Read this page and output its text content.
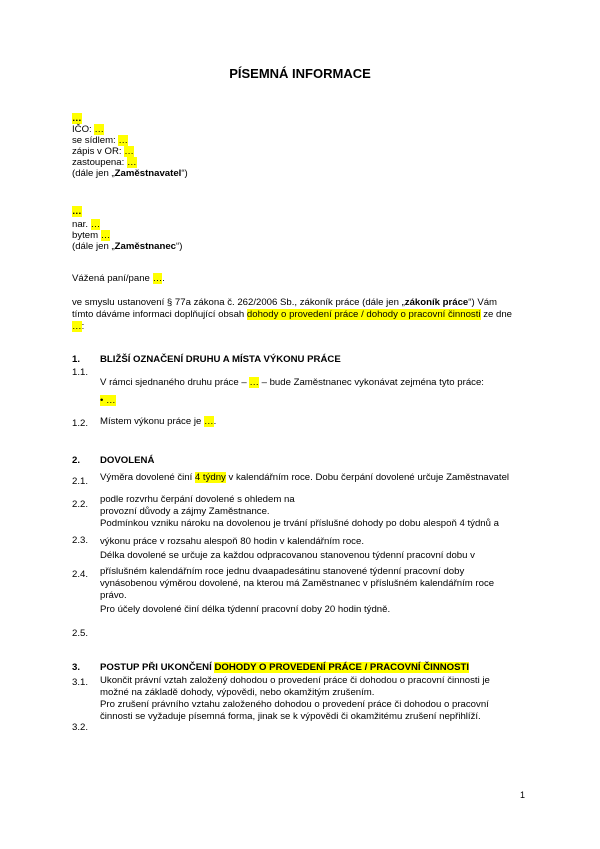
PÍSEMNÁ INFORMACE
…
IČO: …
se sídlem: …
zápis v OR: …
zastoupena: …
(dále jen „Zaměstnavatel“)
…
nar. …
bytem …
(dále jen „Zaměstnanec“)
Vážená paní/pane ….
ve smyslu ustanovení § 77a zákona č. 262/2006 Sb., zákoník práce (dále jen „zákoník práce“) Vám
tímto dáváme informaci doplňující obsah dohody o provedení práce / dohody o pracovní činnosti ze dne
…:
1. BLIŽŠÍ OZNAČENÍ DRUHU A MÍSTA VÝKONU PRÁCE
1.1.
V rámci sjednaného druhu práce – … – bude Zaměstnanec vykonávat zejména tyto práce:
• …
1.2. Místem výkonu práce je ….
2. DOVOLENÁ
2.1. Výměra dovolené činí 4 týdny v kalendářním roce. Dobu čerpání dovolené určuje Zaměstnavatel
2.2. podle rozvrhu čerpání dovolené s ohledem na
provozní důvody a zájmy Zaměstnance.
Podmínkou vzniku nároku na dovolenou je trvání příslušné dohody po dobu alespoň 4 týdnů a
2.3. výkonu práce v rozsahu alespoň 80 hodin v kalendářním roce.
Délka dovolené se určuje za každou odpracovanou stanovenou týdenní pracovní dobu v
2.4. příslušném kalendářním roce jednu dvaapadesátinu stanovené týdenní pracovní doby
vynásobenou výměrou dovolené, na kterou má Zaměstnanec v příslušném kalendářním roce
právo.
Pro účely dovolené činí délka týdenní pracovní doby 20 hodin týdně.
2.5.
3. POSTUP PŘI UKONČENÍ DOHODY O PROVEDENÍ PRÁCE / PRACOVNÍ ČINNOSTI
3.1. Ukončit právní vztah založený dohodou o provedení práce či dohodou o pracovní činnosti je
možné na základě dohody, výpovědi, nebo okamžitým zrušením.
Pro zrušení právního vztahu založeného dohodou o provedení práce či dohodou o pracovní
činnosti se vyžaduje písemná forma, jinak se k výpovědi či okamžitému zrušení nepřihlíží.
3.2.
1
